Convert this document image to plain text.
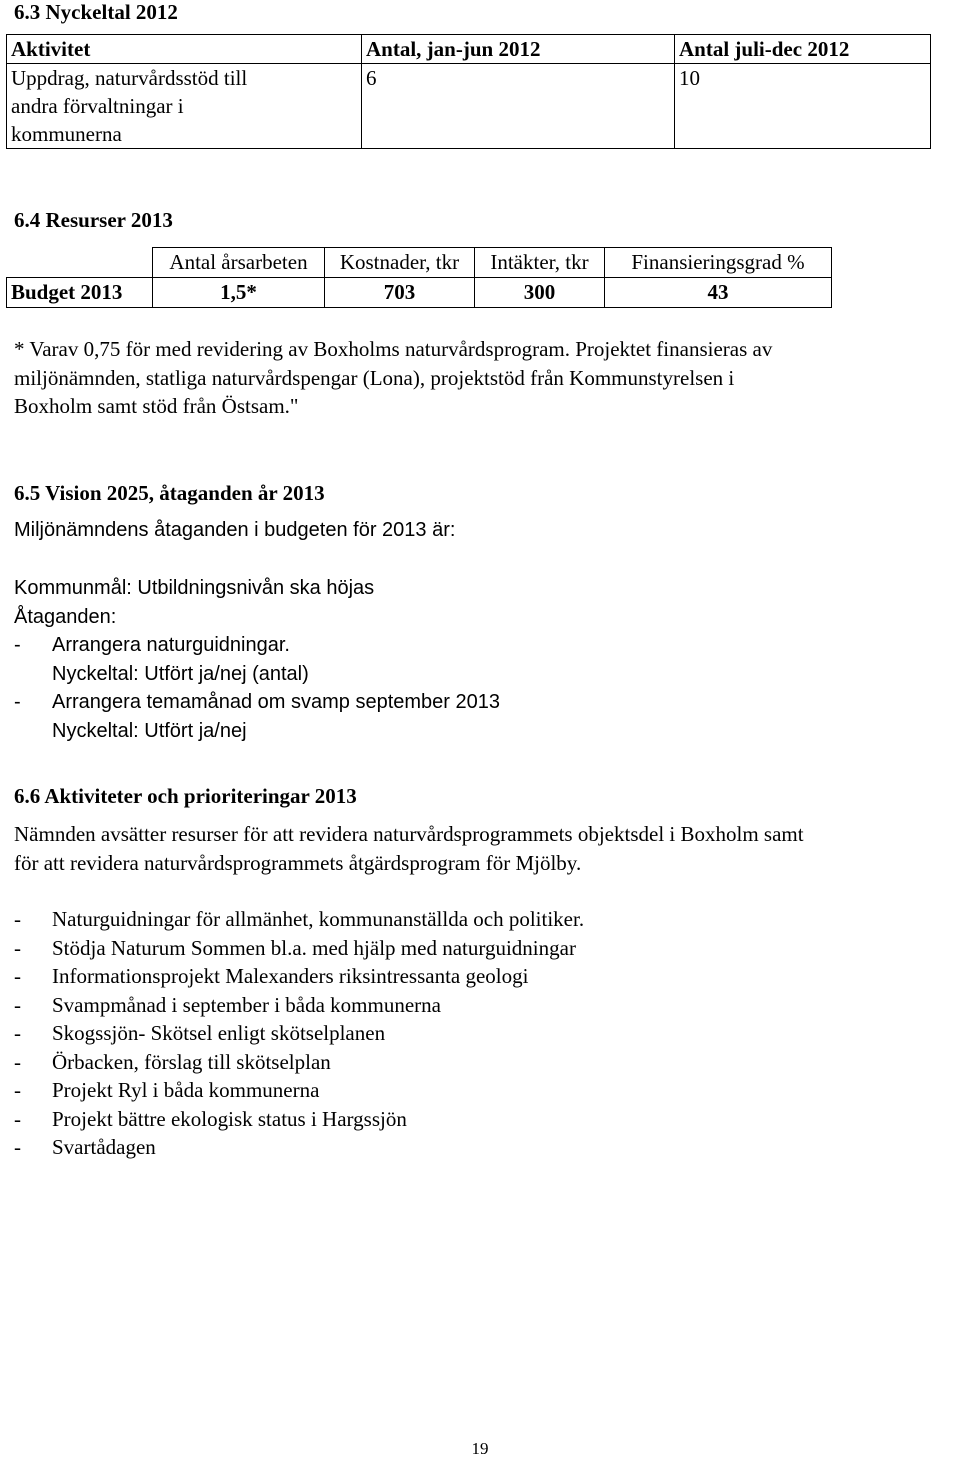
6.3 Nyckeltal 2012
Aktivitet	Antal, jan-jun 2012	Antal juli-dec 2012

Uppdrag, naturvårdsstöd till
andra förvaltningar i
kommunerna	6	10
6.4 Resurser 2013
	Antal årsarbeten	Kostnader, tkr	Intäkter, tkr	Finansieringsgrad %
Budget 2013	1,5*	703	300	43
* Varav 0,75 för med revidering av Boxholms naturvårdsprogram. Projektet finansieras av
miljönämnden, statliga naturvårdspengar (Lona), projektstöd från Kommunstyrelsen i
Boxholm samt stöd från Östsam."
6.5 Vision 2025, åtaganden år 2013
Miljönämndens åtaganden i budgeten för 2013 är:
Kommunmål: Utbildningsnivån ska höjas
Åtaganden:
- Arrangera naturguidningar.
Nyckeltal: Utfört ja/nej (antal)
- Arrangera temamånad om svamp september 2013
Nyckeltal: Utfört ja/nej
6.6 Aktiviteter och prioriteringar 2013
Nämnden avsätter resurser för att revidera naturvårdsprogrammets objektsdel i Boxholm samt
för att revidera naturvårdsprogrammets åtgärdsprogram för Mjölby.
- Naturguidningar för allmänhet, kommunanställda och politiker.
- Stödja Naturum Sommen bl.a. med hjälp med naturguidningar
- Informationsprojekt Malexanders riksintressanta geologi
- Svampmånad i september i båda kommunerna
- Skogssjön- Skötsel enligt skötselplanen
- Örbacken, förslag till skötselplan
- Projekt Ryl i båda kommunerna
- Projekt bättre ekologisk status i Hargssjön
- Svartådagen
19
